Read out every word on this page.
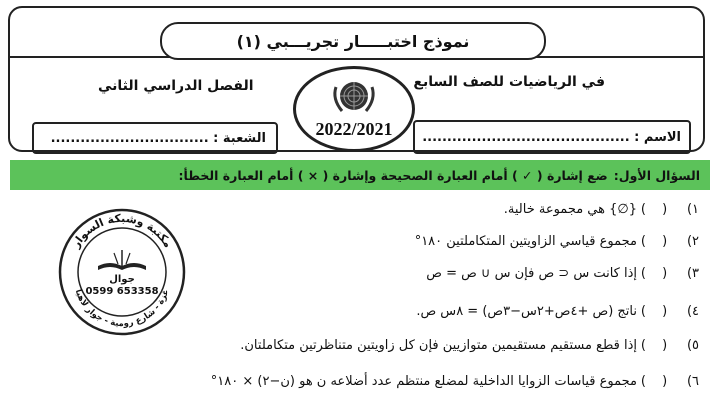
نموذج اختبـــــار تجريـــبي (١)
في الرياضيات للصف السابع
الفصل الدراسي الثاني
الاسم : ..........................................
الشعبة : ................................	2022/2021
السؤال الأول:
ضع إشارة ( ✓ ) أمام العبارة الصحيحة وإشارة ( × ) أمام العبارة الخطأ:
١)
( )
{∅} هي مجموعة خالية.
٢)
( )
مجموع قياسي الزاويتين المتكاملتين ١٨٠°
٣)
( )
إذا كانت س ⊂ ص فإن س ∪ ص = ص
٤)
( )
ناتج (ص +٤ص+٢س−٣ص) = ٨س ص.
٥)
( )
إذا قطع مستقيم مستقيمين متوازيين فإن كل زاويتين متناظرتين متكاملتان.
٦)
( )
مجموع قياسات الزوايا الداخلية لمضلع منتظم عدد أضلاعه ن هو (ن−٢) × ١٨٠°
مكتبة وشبكة السوار
غزة - شارع رومية - جوار لاهيا
جوال
0599 653358
